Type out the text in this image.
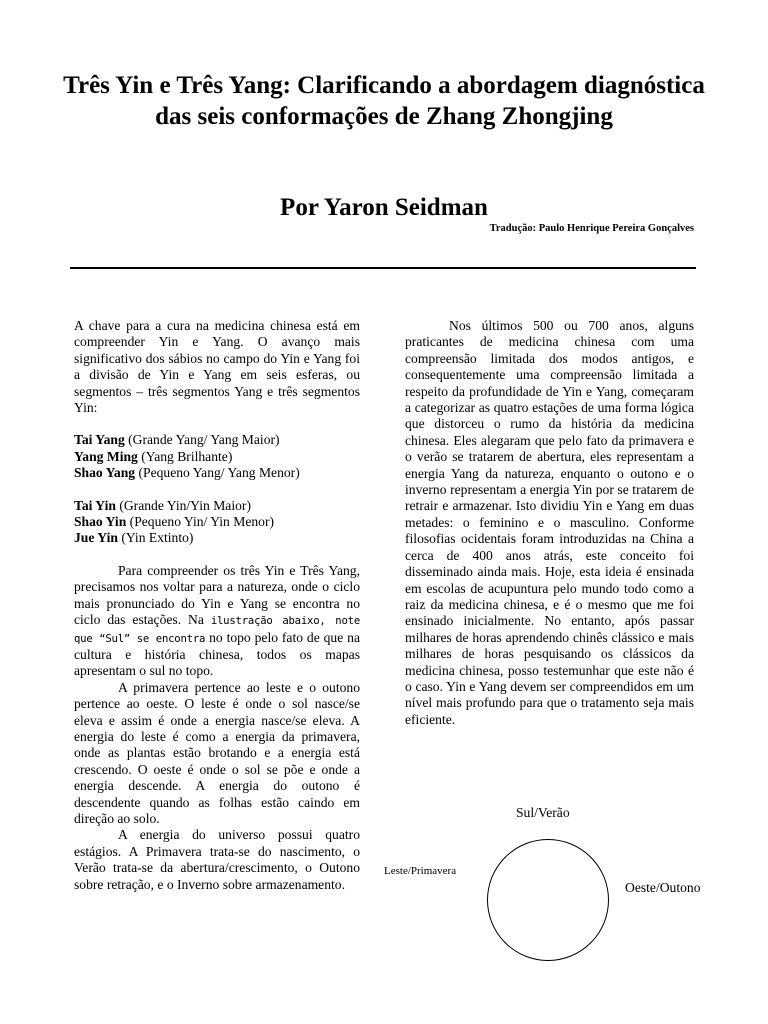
Três Yin e Três Yang: Clarificando a abordagem diagnóstica das seis conformações de Zhang Zhongjing
Por Yaron Seidman
Tradução: Paulo Henrique Pereira Gonçalves

A chave para a cura na medicina chinesa está em compreender Yin e Yang. O avanço mais significativo dos sábios no campo do Yin e Yang foi a divisão de Yin e Yang em seis esferas, ou segmentos – três segmentos Yang e três segmentos Yin:

Tai Yang (Grande Yang/ Yang Maior)
Yang Ming (Yang Brilhante)
Shao Yang (Pequeno Yang/ Yang Menor)
Tai Yin (Grande Yin/Yin Maior)
Shao Yin (Pequeno Yin/ Yin Menor)
Jue Yin (Yin Extinto)

Para compreender os três Yin e Três Yang, precisamos nos voltar para a natureza, onde o ciclo mais pronunciado do Yin e Yang se encontra no ciclo das estações. Na ilustração abaixo, note que “Sul” se encontra no topo pelo fato de que na cultura e história chinesa, todos os mapas apresentam o sul no topo.

A primavera pertence ao leste e o outono pertence ao oeste. O leste é onde o sol nasce/se eleva e assim é onde a energia nasce/se eleva. A energia do leste é como a energia da primavera, onde as plantas estão brotando e a energia está crescendo. O oeste é onde o sol se põe e onde a energia descende. A energia do outono é descendente quando as folhas estão caindo em direção ao solo.

A energia do universo possui quatro estágios. A Primavera trata-se do nascimento, o Verão trata-se da abertura/crescimento, o Outono sobre retração, e o Inverno sobre armazenamento.

Nos últimos 500 ou 700 anos, alguns praticantes de medicina chinesa com uma compreensão limitada dos modos antigos, e consequentemente uma compreensão limitada a respeito da profundidade de Yin e Yang, começaram a categorizar as quatro estações de uma forma lógica que distorceu o rumo da história da medicina chinesa. Eles alegaram que pelo fato da primavera e o verão se tratarem de abertura, eles representam a energia Yang da natureza, enquanto o outono e o inverno representam a energia Yin por se tratarem de retrair e armazenar. Isto dividiu Yin e Yang em duas metades: o feminino e o masculino. Conforme filosofias ocidentais foram introduzidas na China a cerca de 400 anos atrás, este conceito foi disseminado ainda mais. Hoje, esta ideia é ensinada em escolas de acupuntura pelo mundo todo como a raiz da medicina chinesa, e é o mesmo que me foi ensinado inicialmente. No entanto, após passar milhares de horas aprendendo chinês clássico e mais milhares de horas pesquisando os clássicos da medicina chinesa, posso testemunhar que este não é o caso. Yin e Yang devem ser compreendidos em um nível mais profundo para que o tratamento seja mais eficiente.

Sul/Verão
Leste/Primavera
Oeste/Outono
